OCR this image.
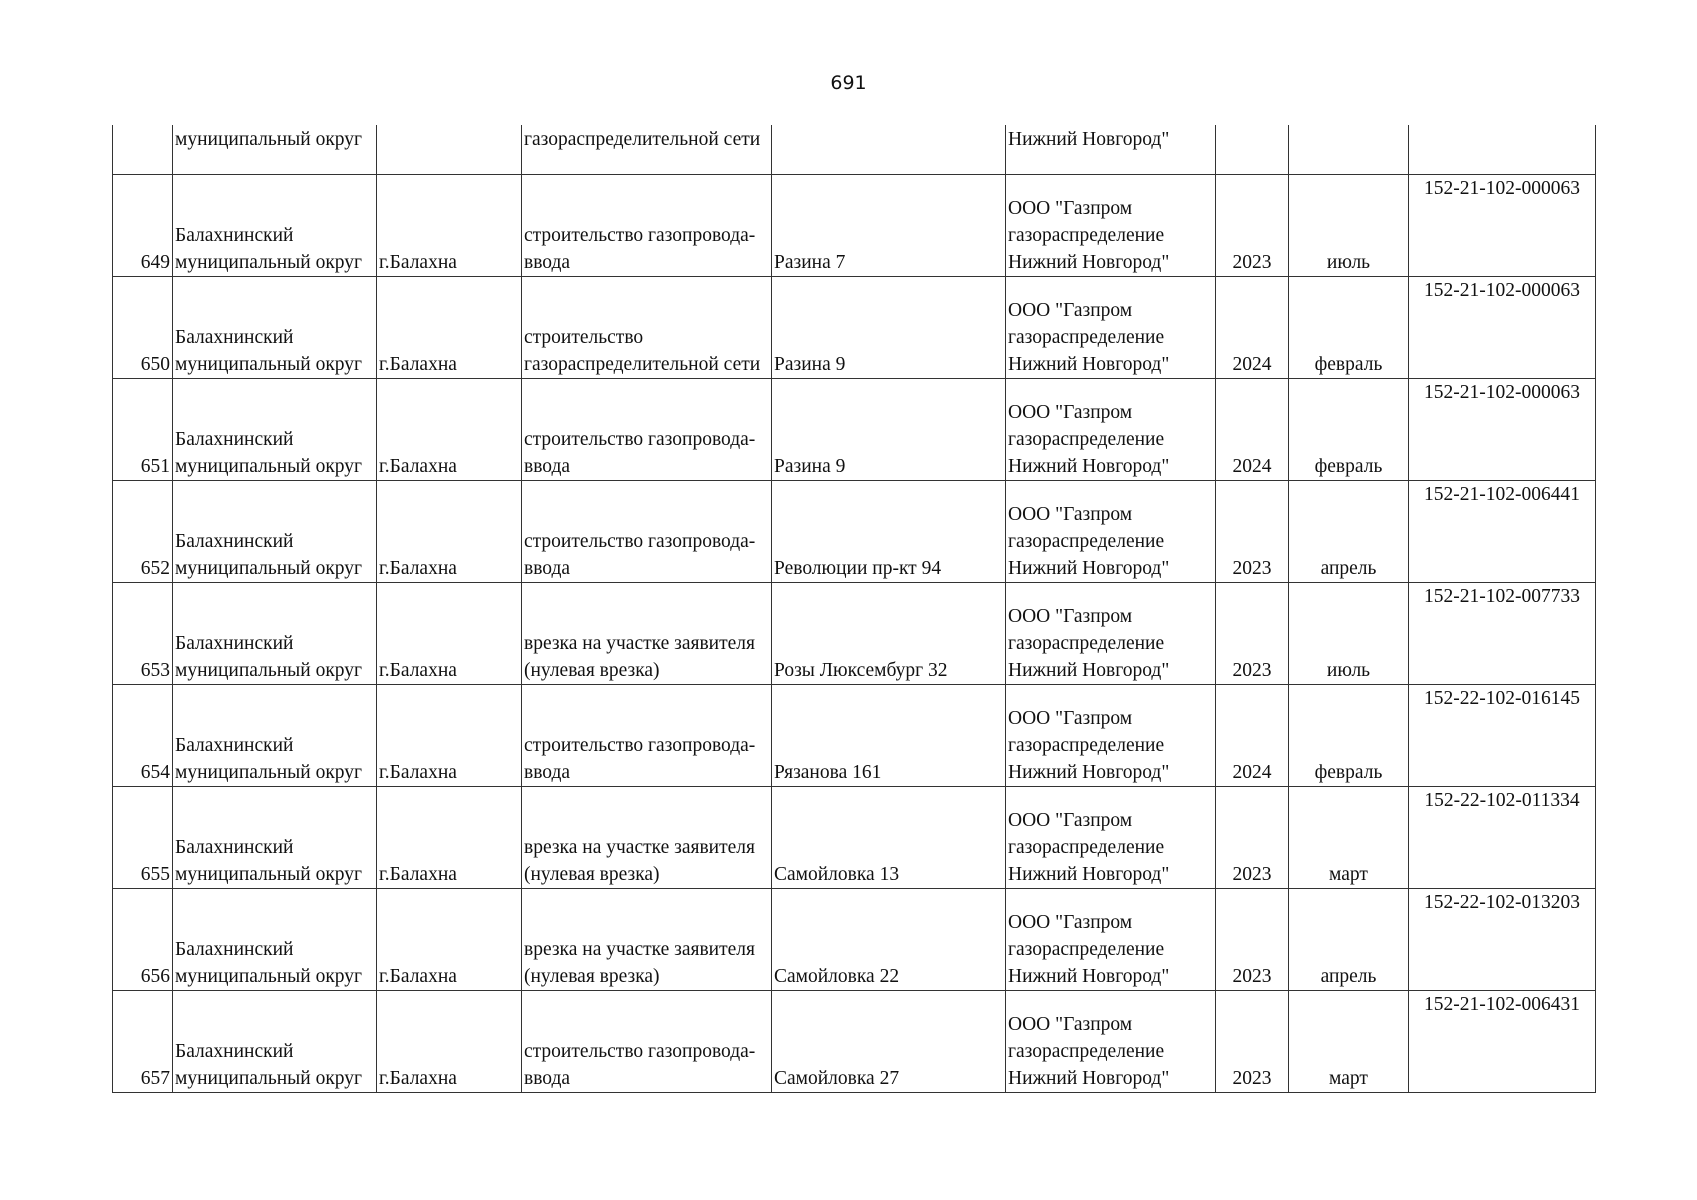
691

	муниципальный округ		газораспределительной сети		Нижний Новгород"			

649	Балахнинский
муниципальный округ	г.Балахна	строительство газопровода-
ввода	Разина 7	ООО "Газпром
газораспределение
Нижний Новгород"	2023	июль	152-21-102-000063
650	Балахнинский
муниципальный округ	г.Балахна	строительство
газораспределительной сети	Разина 9	ООО "Газпром
газораспределение
Нижний Новгород"	2024	февраль	152-21-102-000063
651	Балахнинский
муниципальный округ	г.Балахна	строительство газопровода-
ввода	Разина 9	ООО "Газпром
газораспределение
Нижний Новгород"	2024	февраль	152-21-102-000063
652	Балахнинский
муниципальный округ	г.Балахна	строительство газопровода-
ввода	Революции пр-кт 94	ООО "Газпром
газораспределение
Нижний Новгород"	2023	апрель	152-21-102-006441
653	Балахнинский
муниципальный округ	г.Балахна	врезка на участке заявителя
(нулевая врезка)	Розы Люксембург 32	ООО "Газпром
газораспределение
Нижний Новгород"	2023	июль	152-21-102-007733
654	Балахнинский
муниципальный округ	г.Балахна	строительство газопровода-
ввода	Рязанова 161	ООО "Газпром
газораспределение
Нижний Новгород"	2024	февраль	152-22-102-016145
655	Балахнинский
муниципальный округ	г.Балахна	врезка на участке заявителя
(нулевая врезка)	Самойловка 13	ООО "Газпром
газораспределение
Нижний Новгород"	2023	март	152-22-102-011334
656	Балахнинский
муниципальный округ	г.Балахна	врезка на участке заявителя
(нулевая врезка)	Самойловка 22	ООО "Газпром
газораспределение
Нижний Новгород"	2023	апрель	152-22-102-013203
657	Балахнинский
муниципальный округ	г.Балахна	строительство газопровода-
ввода	Самойловка 27	ООО "Газпром
газораспределение
Нижний Новгород"	2023	март	152-21-102-006431
